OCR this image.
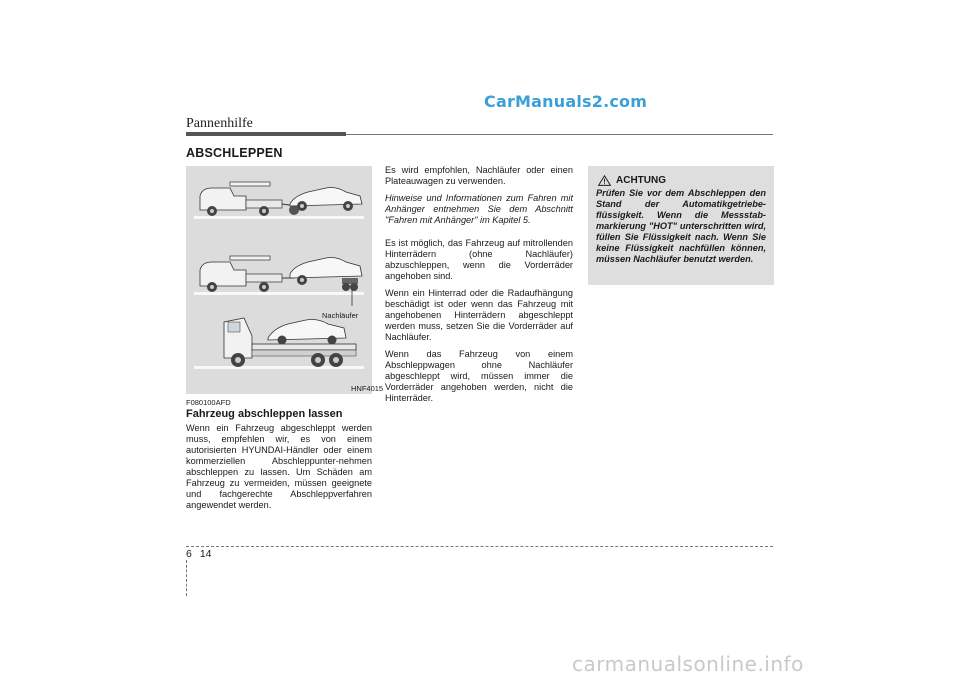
CarManuals2.com
Pannenhilfe
ABSCHLEPPEN
Nachläufer
HNF4015
F080100AFD
Fahrzeug abschleppen lassen
Wenn ein Fahrzeug abgeschleppt werden muss, empfehlen wir, es von einem autorisierten HYUNDAI-Händler oder einem kommerziellen Abschleppunter-nehmen abschleppen zu lassen. Um Schäden am Fahrzeug zu vermeiden, müssen geeignete und fachgerechte Abschleppverfahren angewendet werden.

Es wird empfohlen, Nachläufer oder einen Plateauwagen zu verwenden.

Hinweise und Informationen zum Fahren mit Anhänger entnehmen Sie dem Abschnitt "Fahren mit Anhänger" im Kapitel 5.

Es ist möglich, das Fahrzeug auf mitrollenden Hinterrädern (ohne Nachläufer) abzuschleppen, wenn die Vorderräder angehoben sind.

Wenn ein Hinterrad oder die Radaufhängung beschädigt ist oder wenn das Fahrzeug mit angehobenen Hinterrädern abgeschleppt werden muss, setzen Sie die Vorderräder auf Nachläufer.

Wenn das Fahrzeug von einem Abschleppwagen ohne Nachläufer abgeschleppt wird, müssen immer die Vorderräder angehoben werden, nicht die Hinterräder.

ACHTUNG
Prüfen Sie vor dem Abschleppen den Stand der Automatikgetriebe-flüssigkeit. Wenn die Messstab-markierung "HOT" unterschritten wird, füllen Sie Flüssigkeit nach. Wenn Sie keine Flüssigkeit nachfüllen können, müssen Nachläufer benutzt werden.
6 14
carmanualsonline.info
